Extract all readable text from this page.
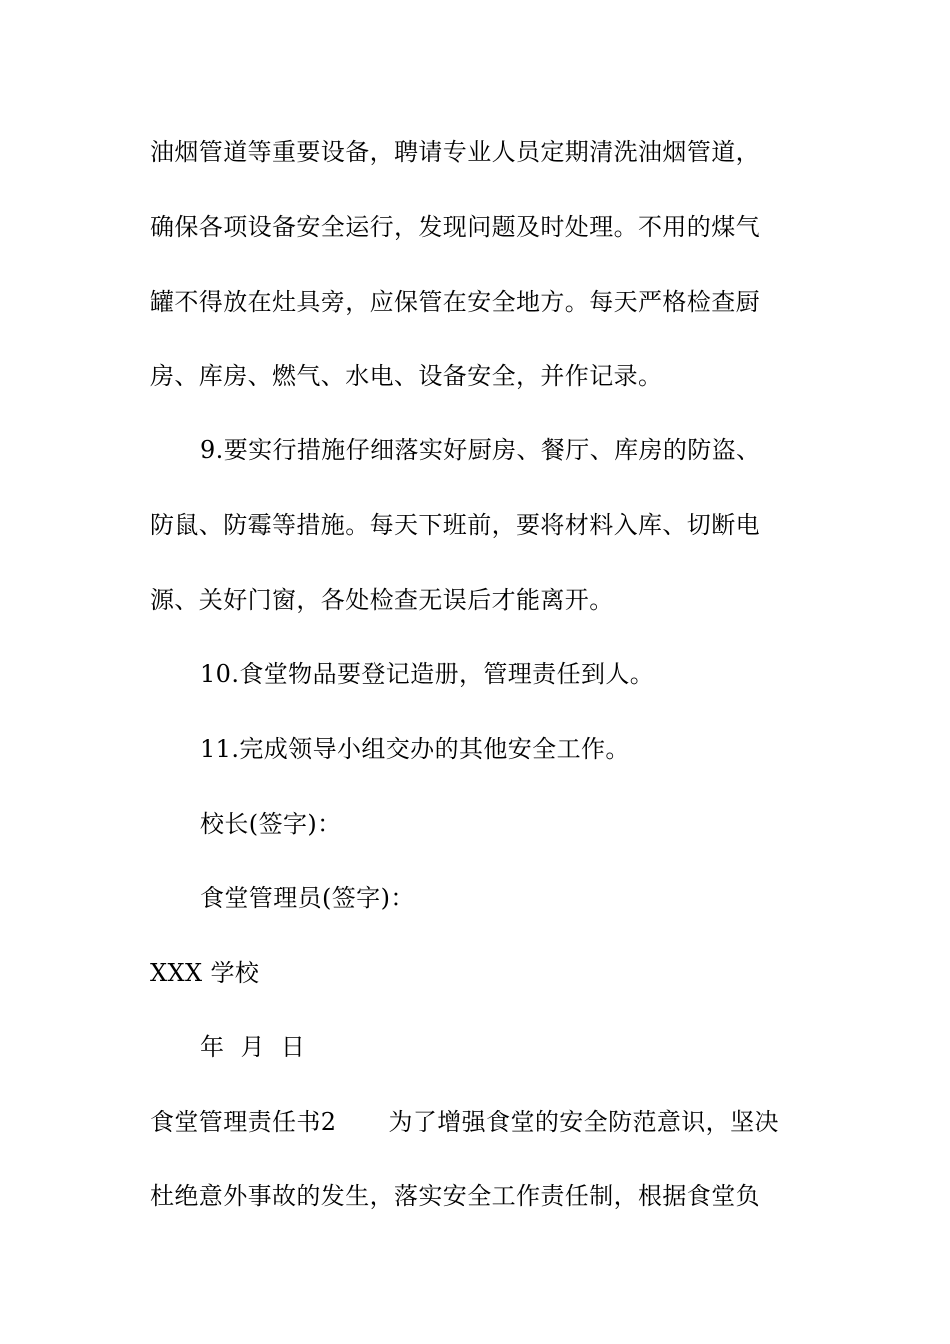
油烟管道等重要设备，聘请专业人员定期清洗油烟管道，
确保各项设备安全运行，发现问题及时处理。不用的煤气
罐不得放在灶具旁，应保管在安全地方。每天严格检查厨
房、库房、燃气、水电、设备安全，并作记录。
9.要实行措施仔细落实好厨房、餐厅、库房的防盗、
防鼠、防霉等措施。每天下班前，要将材料入库、切断电
源、关好门窗，各处检查无误后才能离开。
10.食堂物品要登记造册，管理责任到人。
11.完成领导小组交办的其他安全工作。
校长(签字)：
食堂管理员(签字)：
XXX 学校
年  月  日
食堂管理责任书2 为了增强食堂的安全防范意识，坚决
杜绝意外事故的发生，落实安全工作责任制，根据食堂负
